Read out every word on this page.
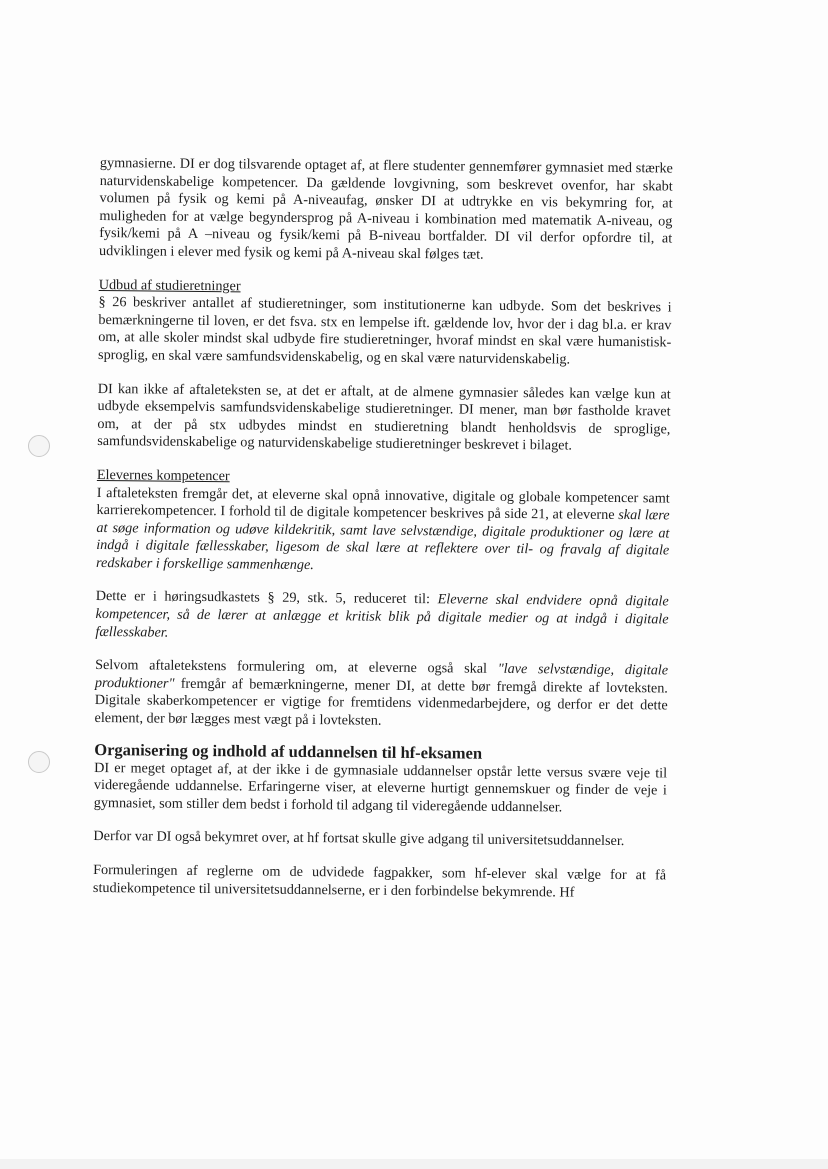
gymnasierne. DI er dog tilsvarende optaget af, at flere studenter gennemfører gymnasiet med stærke naturvidenskabelige kompetencer. Da gældende lovgivning, som beskrevet ovenfor, har skabt volumen på fysik og kemi på A-niveaufag, ønsker DI at udtrykke en vis bekymring for, at muligheden for at vælge begyndersprog på A-niveau i kombination med matematik A-niveau, og fysik/kemi på A –niveau og fysik/kemi på B-niveau bortfalder. DI vil derfor opfordre til, at udviklingen i elever med fysik og kemi på A-niveau skal følges tæt.

Udbud af studieretninger

§ 26 beskriver antallet af studieretninger, som institutionerne kan udbyde. Som det beskrives i bemærkningerne til loven, er det fsva. stx en lempelse ift. gældende lov, hvor der i dag bl.a. er krav om, at alle skoler mindst skal udbyde fire studieretninger, hvoraf mindst en skal være humanistisk-sproglig, en skal være samfundsvidenskabelig, og en skal være naturvidenskabelig.

DI kan ikke af aftaleteksten se, at det er aftalt, at de almene gymnasier således kan vælge kun at udbyde eksempelvis samfundsvidenskabelige studieretninger. DI mener, man bør fastholde kravet om, at der på stx udbydes mindst en studieretning blandt henholdsvis de sproglige, samfundsvidenskabelige og naturvidenskabelige studieretninger beskrevet i bilaget.

Elevernes kompetencer

I aftaleteksten fremgår det, at eleverne skal opnå innovative, digitale og globale kompetencer samt karrierekompetencer. I forhold til de digitale kompetencer beskrives på side 21, at eleverne skal lære at søge information og udøve kildekritik, samt lave selvstændige, digitale produktioner og lære at indgå i digitale fællesskaber, ligesom de skal lære at reflektere over til- og fravalg af digitale redskaber i forskellige sammenhænge.

Dette er i høringsudkastets § 29, stk. 5, reduceret til: Eleverne skal endvidere opnå digitale kompetencer, så de lærer at anlægge et kritisk blik på digitale medier og at indgå i digitale fællesskaber.

Selvom aftaletekstens formulering om, at eleverne også skal "lave selvstændige, digitale produktioner" fremgår af bemærkningerne, mener DI, at dette bør fremgå direkte af lovteksten. Digitale skaberkompetencer er vigtige for fremtidens videnmedarbejdere, og derfor er det dette element, der bør lægges mest vægt på i lovteksten.

Organisering og indhold af uddannelsen til hf-eksamen

DI er meget optaget af, at der ikke i de gymnasiale uddannelser opstår lette versus svære veje til videregående uddannelse. Erfaringerne viser, at eleverne hurtigt gennemskuer og finder de veje i gymnasiet, som stiller dem bedst i forhold til adgang til videregående uddannelser.

Derfor var DI også bekymret over, at hf fortsat skulle give adgang til universitetsuddannelser.

Formuleringen af reglerne om de udvidede fagpakker, som hf-elever skal vælge for at få studiekompetence til universitetsuddannelserne, er i den forbindelse bekymrende. Hf
